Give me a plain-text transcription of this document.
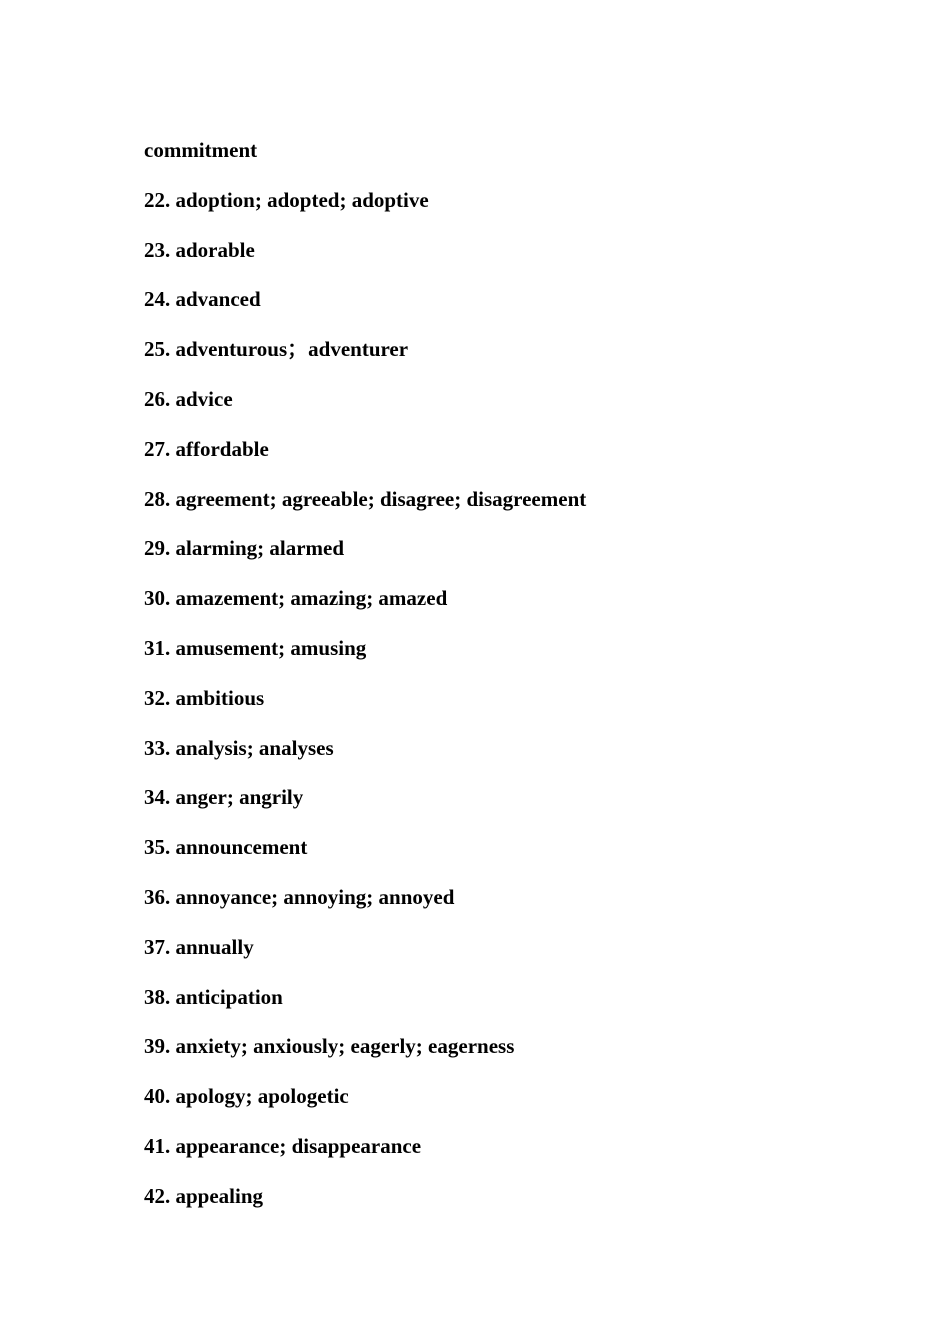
commitment
22. adoption; adopted; adoptive
23. adorable
24. advanced
25. adventurous；adventurer
26. advice
27. affordable
28. agreement; agreeable; disagree; disagreement
29. alarming; alarmed
30. amazement; amazing; amazed
31. amusement; amusing
32. ambitious
33. analysis; analyses
34. anger; angrily
35. announcement
36. annoyance; annoying; annoyed
37. annually
38. anticipation
39. anxiety; anxiously; eagerly; eagerness
40. apology; apologetic
41. appearance; disappearance
42. appealing
